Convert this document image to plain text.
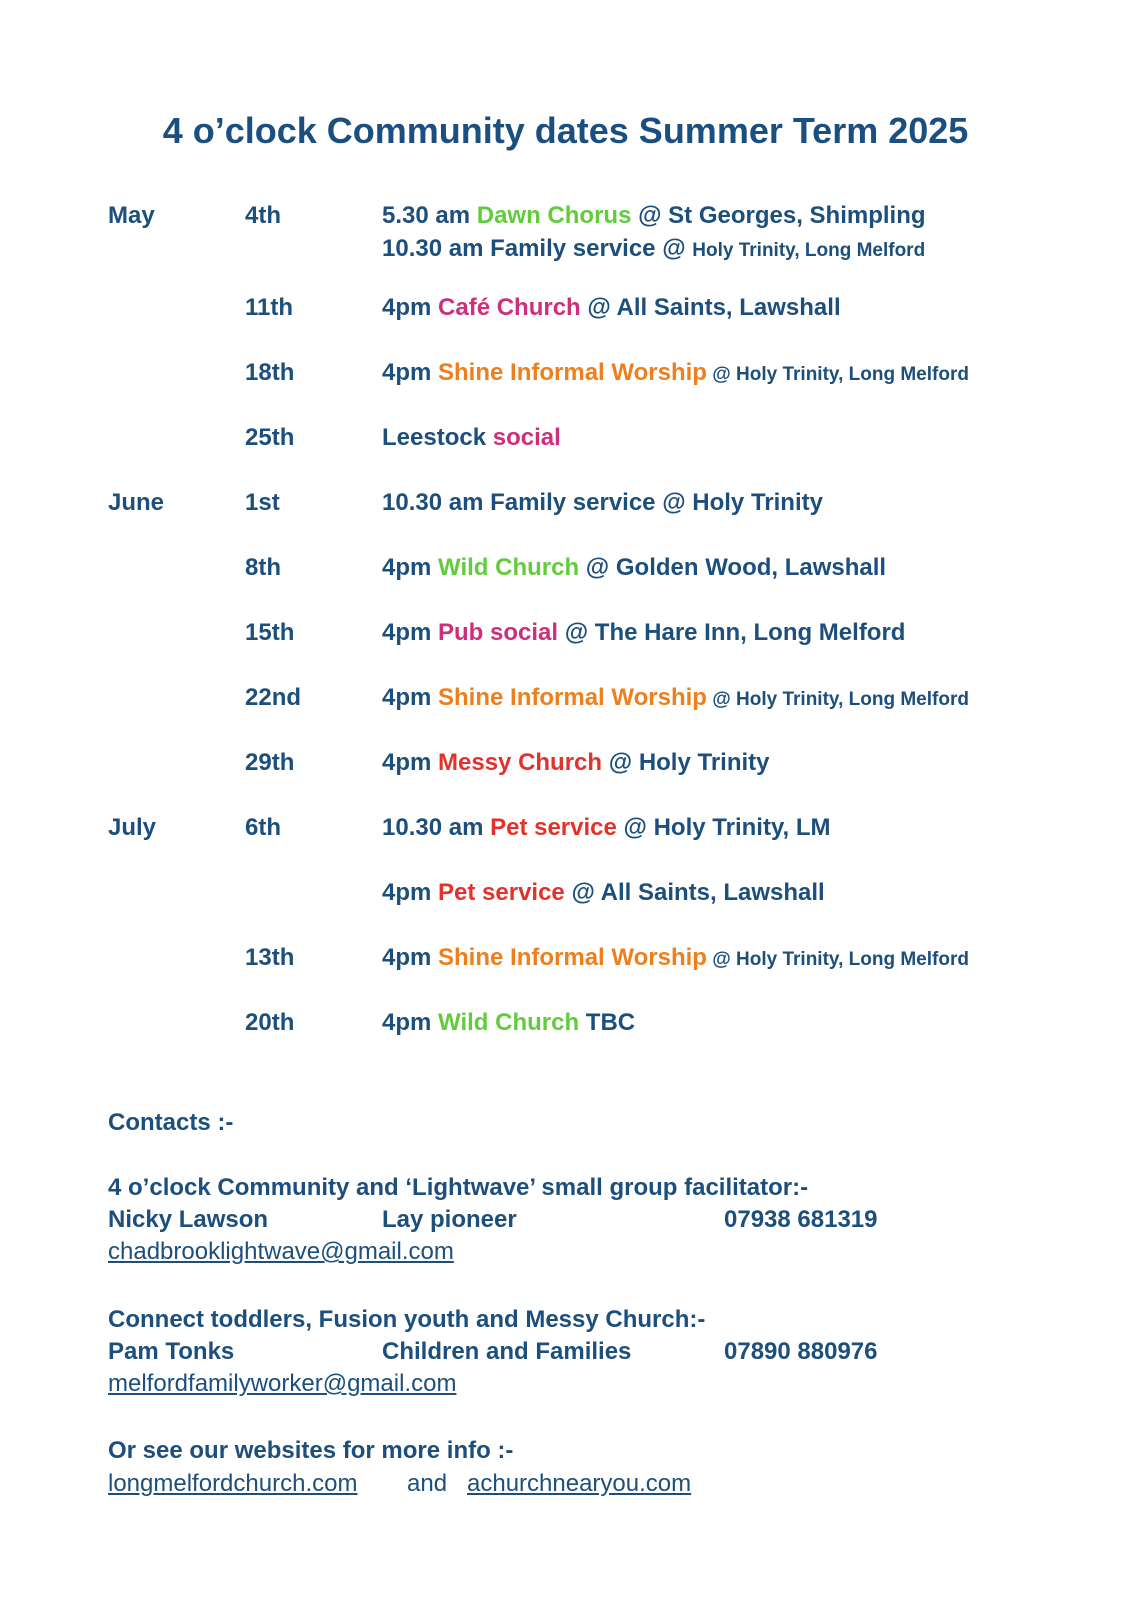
4 o’clock Community dates Summer Term 2025
May	4th	5.30 am Dawn Chorus @ St Georges, Shimpling
10.30 am Family service @ Holy Trinity, Long Melford
11th	4pm Café Church @ All Saints, Lawshall
18th	4pm Shine Informal Worship @ Holy Trinity, Long Melford
25th	Leestock social
June	1st	10.30 am Family service @ Holy Trinity
8th	4pm Wild Church @ Golden Wood, Lawshall
15th	4pm Pub social @ The Hare Inn, Long Melford
22nd	4pm Shine Informal Worship @ Holy Trinity, Long Melford
29th	4pm Messy Church @ Holy Trinity
July	6th	10.30 am Pet service @ Holy Trinity, LM
4pm Pet service @ All Saints, Lawshall
13th	4pm Shine Informal Worship @ Holy Trinity, Long Melford
20th	4pm Wild Church TBC
Contacts :-
4 o’clock Community and ‘Lightwave’ small group facilitator:-
Nicky Lawson	Lay pioneer	07938 681319
chadbrooklightwave@gmail.com
Connect toddlers, Fusion youth and Messy Church:-
Pam Tonks	Children and Families	07890 880976
melfordfamilyworker@gmail.com
Or see our websites for more info :-
longmelfordchurch.com and achurchnearyou.com
